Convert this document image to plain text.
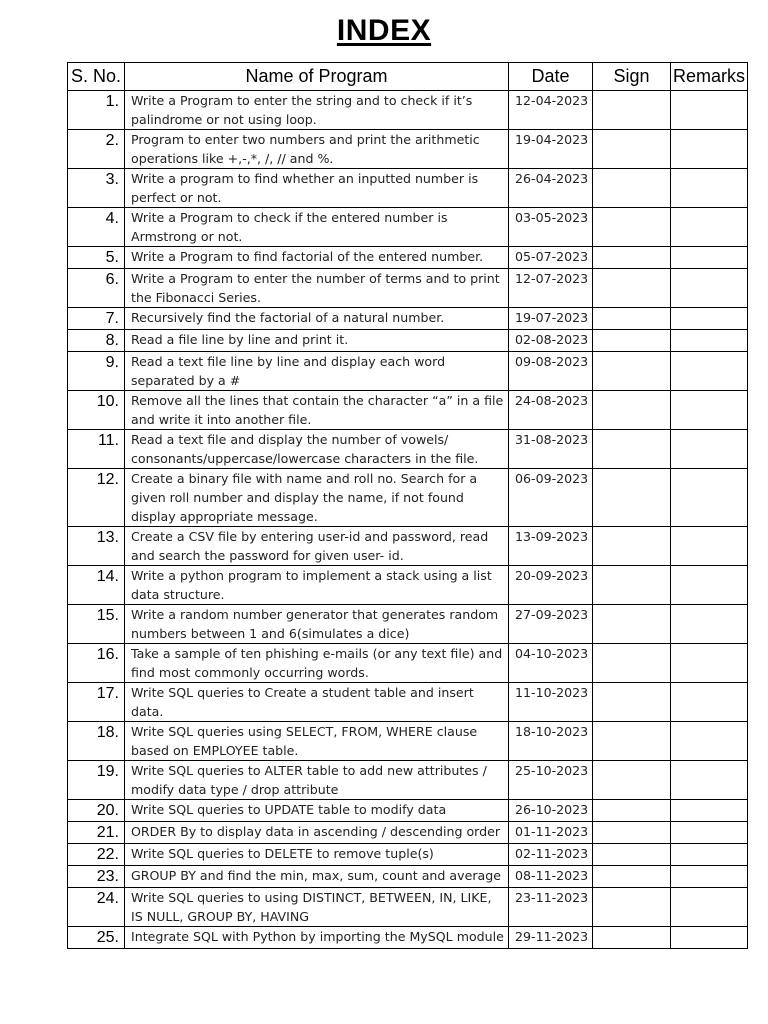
INDEX
S. No.	Name of Program	Date	Sign	Remarks
1.	Write a Program to enter the string and to check if it’s palindrome or not using loop.	12-04-2023		
2.	Program to enter two numbers and print the arithmetic operations like +,-,*, /, // and %.	19-04-2023		
3.	Write a program to find whether an inputted number is perfect or not.	26-04-2023		
4.	Write a Program to check if the entered number is Armstrong or not.	03-05-2023		
5.	Write a Program to find factorial of the entered number.	05-07-2023		
6.	Write a Program to enter the number of terms and to print the Fibonacci Series.	12-07-2023		
7.	Recursively find the factorial of a natural number.	19-07-2023		
8.	Read a file line by line and print it.	02-08-2023		
9.	Read a text file line by line and display each word separated by a #	09-08-2023		
10.	Remove all the lines that contain the character “a” in a file and write it into another file.	24-08-2023		
11.	Read a text file and display the number of vowels/ consonants/uppercase/lowercase characters in the file.	31-08-2023		
12.	Create a binary file with name and roll no. Search for a given roll number and display the name, if not found display appropriate message.	06-09-2023		
13.	Create a CSV file by entering user-id and password, read and search the password for given user- id.	13-09-2023		
14.	Write a python program to implement a stack using a list data structure.	20-09-2023		
15.	Write a random number generator that generates random numbers between 1 and 6(simulates a dice)	27-09-2023		
16.	Take a sample of ten phishing e-mails (or any text file) and find most commonly occurring words.	04-10-2023		
17.	Write SQL queries to Create a student table and insert data.	11-10-2023		
18.	Write SQL queries using SELECT, FROM, WHERE clause based on EMPLOYEE table.	18-10-2023		
19.	Write SQL queries to ALTER table to add new attributes / modify data type / drop attribute	25-10-2023		
20.	Write SQL queries to UPDATE table to modify data	26-10-2023		
21.	ORDER By to display data in ascending / descending order	01-11-2023		
22.	Write SQL queries to DELETE to remove tuple(s)	02-11-2023		
23.	GROUP BY and find the min, max, sum, count and average	08-11-2023		
24.	Write SQL queries to using DISTINCT, BETWEEN, IN, LIKE, IS NULL, GROUP BY, HAVING	23-11-2023		
25.	Integrate SQL with Python by importing the MySQL module	29-11-2023		
